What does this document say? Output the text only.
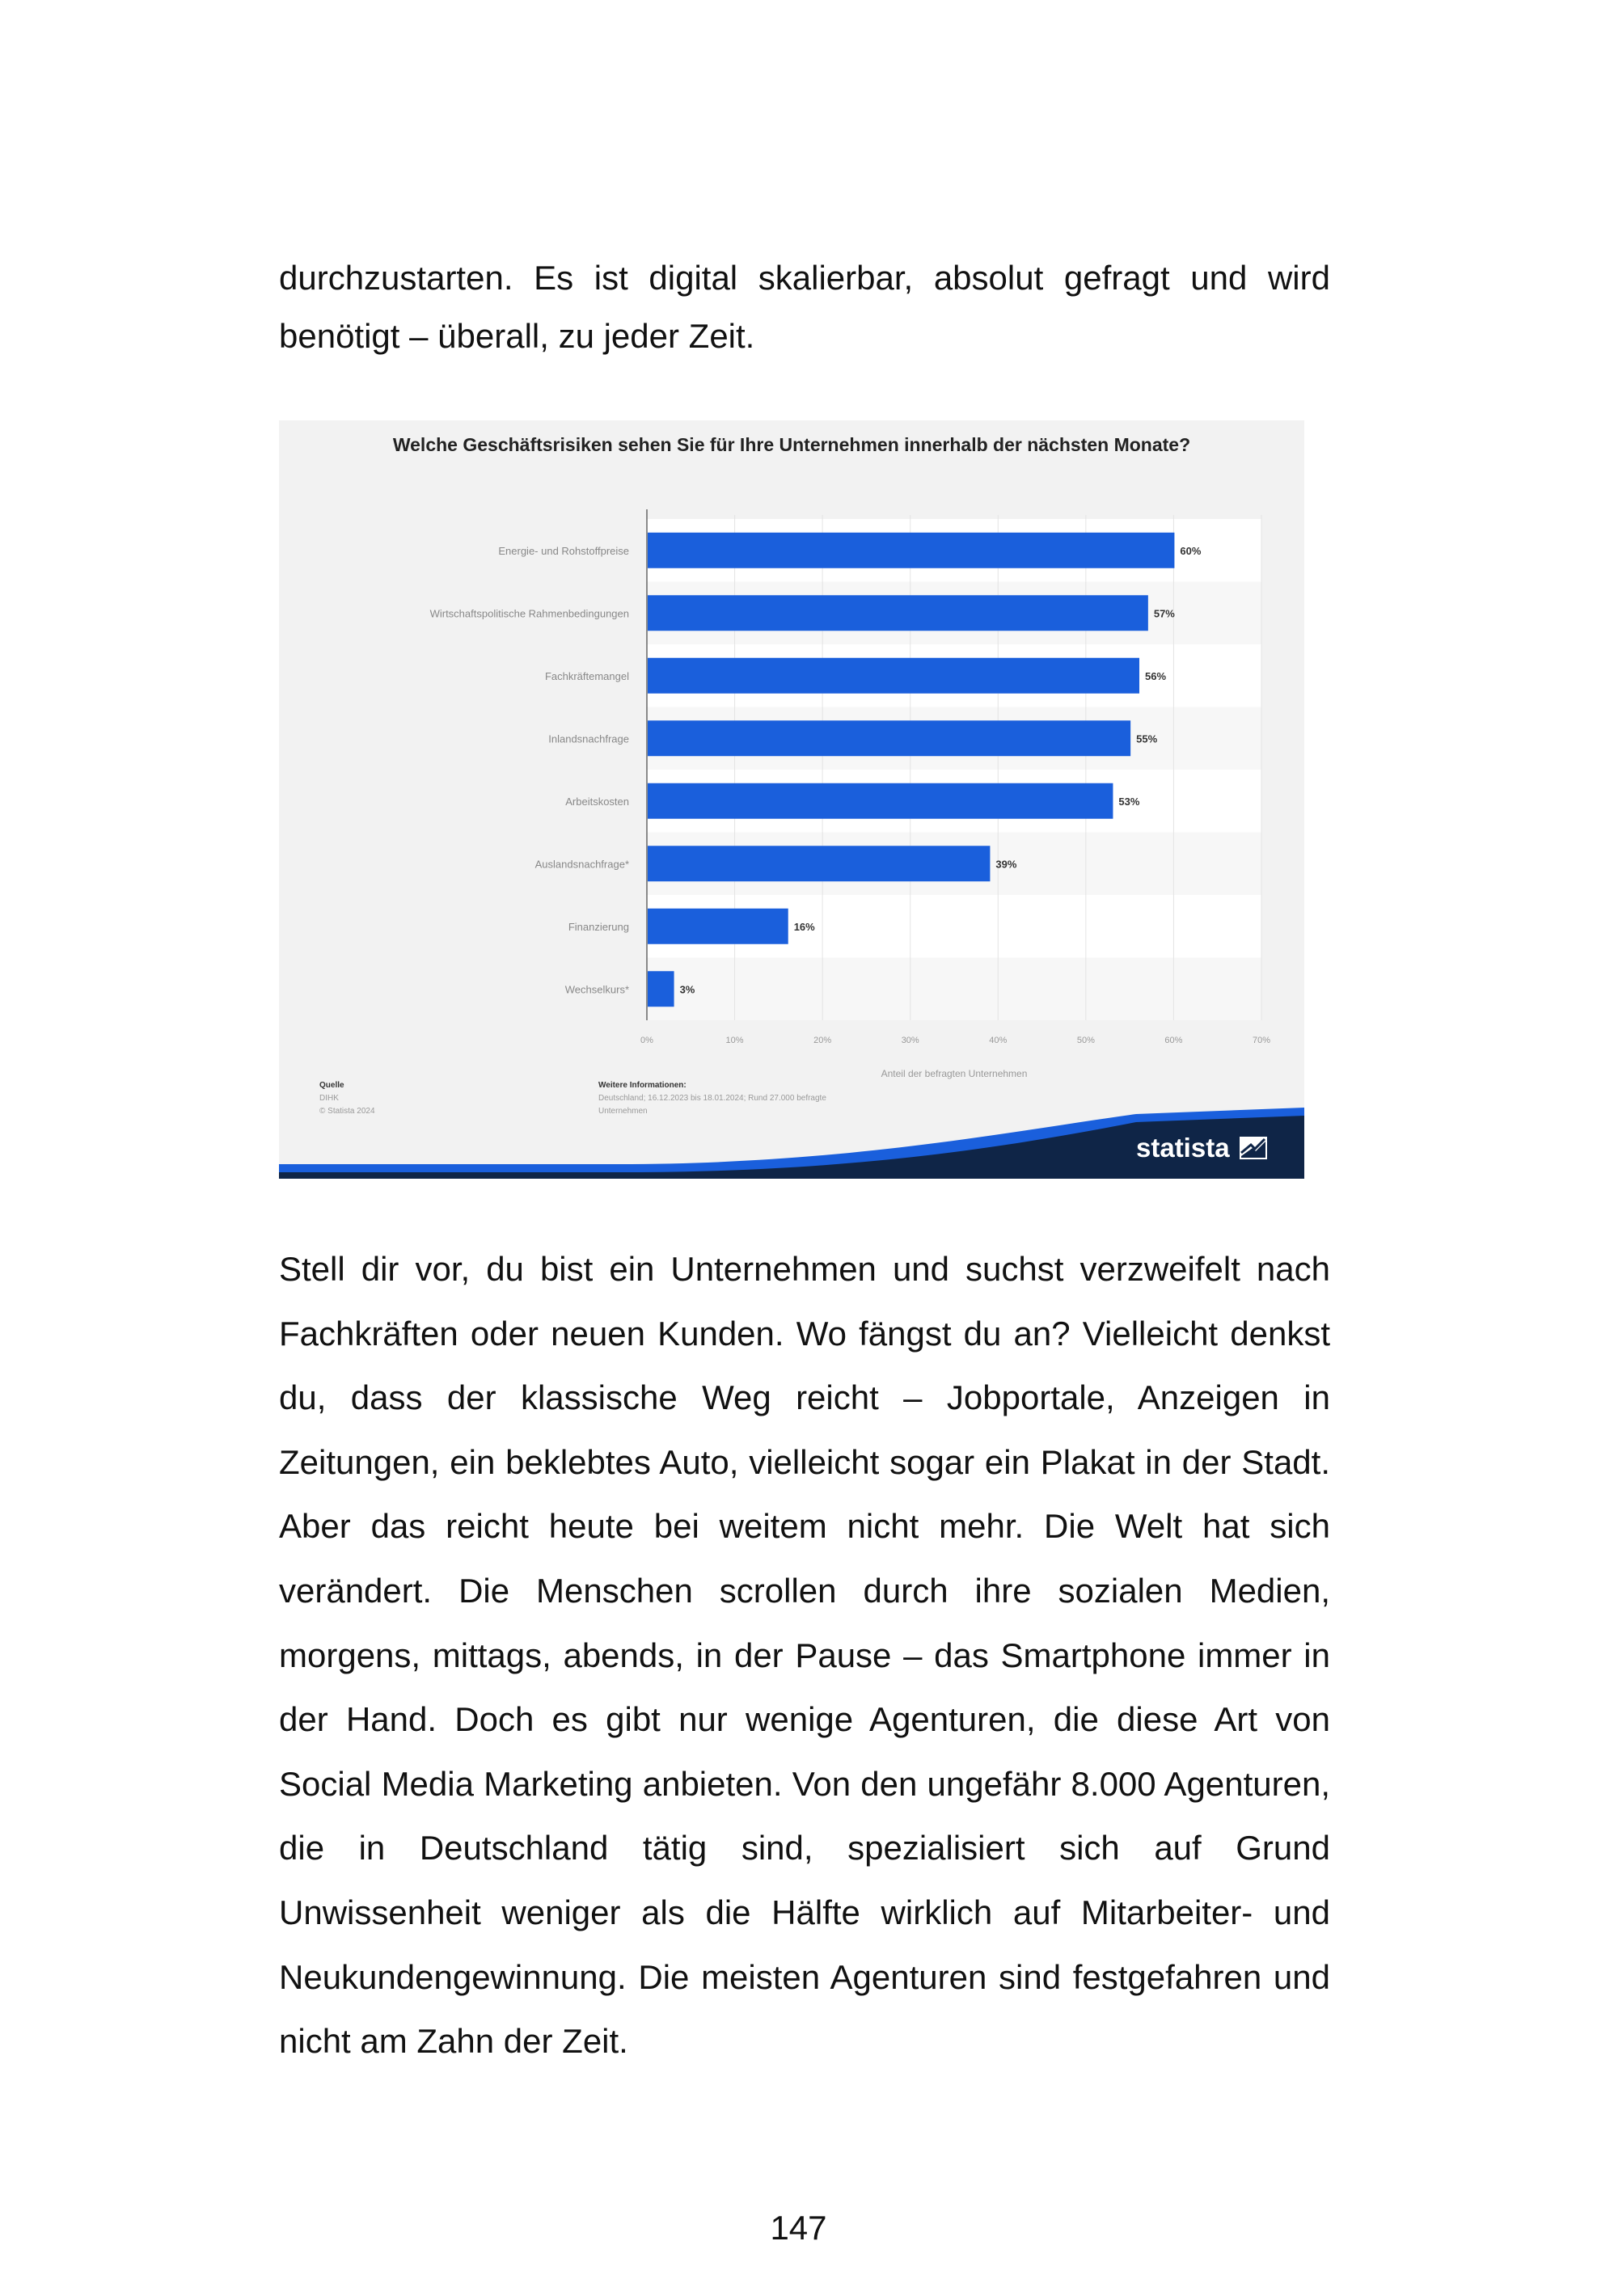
durchzustarten. Es ist digital skalierbar, absolut gefragt und wird benötigt – überall, zu jeder Zeit.

0%	10%	20%	30%	40%	50%	60%	70%
Energie- und Rohstoffpreise	60%
Wirtschaftspolitische Rahmenbedingungen	57%
Fachkräftemangel	56%
Inlandsnachfrage	55%
Arbeitskosten	53%
Auslandsnachfrage*	39%
Finanzierung	16%
Wechselkurs*	3%
Anteil der befragten Unternehmen
Welche Geschäftsrisiken sehen Sie für Ihre Unternehmen innerhalb der nächsten Monate?
Quelle
DIHK
© Statista 2024
Weitere Informationen:
Deutschland; 16.12.2023 bis 18.01.2024; Rund 27.000 befragte
Unternehmen
statista

Stell dir vor, du bist ein Unternehmen und suchst verzweifelt nach Fachkräften oder neuen Kunden. Wo fängst du an? Vielleicht denkst du, dass der klassische Weg reicht – Jobportale, Anzeigen in Zeitungen, ein beklebtes Auto, vielleicht sogar ein Plakat in der Stadt. Aber das reicht heute bei weitem nicht mehr. Die Welt hat sich verändert. Die Menschen scrollen durch ihre sozialen Medien, morgens, mittags, abends, in der Pause – das Smartphone immer in der Hand. Doch es gibt nur wenige Agenturen, die diese Art von Social Media Marketing anbieten. Von den ungefähr 8.000 Agenturen, die in Deutschland tätig sind, spezialisiert sich auf Grund Unwissenheit weniger als die Hälfte wirklich auf Mitarbeiter- und Neukundengewinnung. Die meisten Agenturen sind festgefahren und nicht am Zahn der Zeit.

147
